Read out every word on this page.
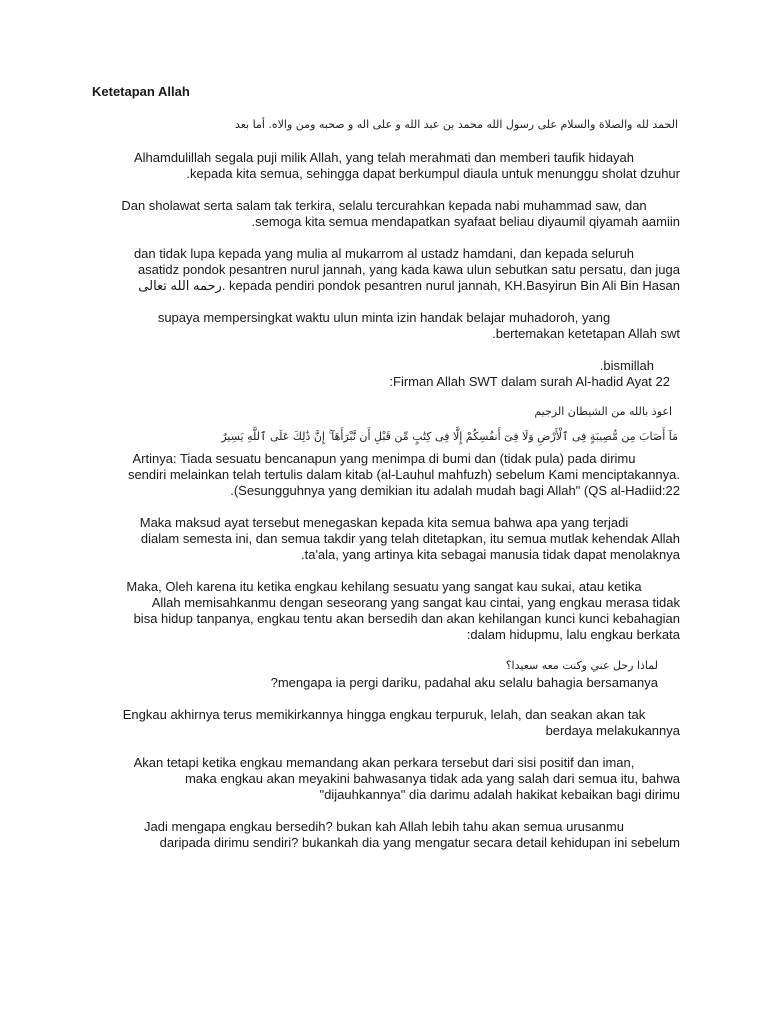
Ketetapan Allah
الحمد لله والصلاة والسلام على رسول الله محمد بن عبد الله و على اله و صحبه ومن والاه. أما بعد
Alhamdulillah segala puji milik Allah, yang telah merahmati dan memberi taufik hidayah
.kepada kita semua, sehingga dapat berkumpul diaula untuk menunggu sholat dzuhur
Dan sholawat serta salam tak terkira, selalu tercurahkan kepada nabi muhammad saw, dan
.semoga kita semua mendapatkan syafaat beliau diyaumil qiyamah aamiin
dan tidak lupa kepada yang mulia al mukarrom al ustadz hamdani, dan kepada seluruh
asatidz pondok pesantren nurul jannah, yang kada kawa ulun sebutkan satu persatu, dan juga
رحمه الله تعالى. kepada pendiri pondok pesantren nurul jannah, KH.Basyirun Bin Ali Bin Hasan
supaya mempersingkat waktu ulun minta izin handak belajar muhadoroh, yang
.bertemakan ketetapan Allah swt
.bismillah
:Firman Allah SWT dalam surah Al-hadid Ayat 22
اعوذ بالله من الشيطان الرجيم
مَآ أَصَابَ مِن مُّصِيبَةٍ فِى ٱلْأَرْضِ وَلَا فِىٓ أَنفُسِكُمْ إِلَّا فِى كِتَٰبٍ مِّن قَبْلِ أَن نَّبْرَأَهَآ ۚ إِنَّ ذَٰلِكَ عَلَى ٱللَّهِ يَسِيرٌ
Artinya: Tiada sesuatu bencanapun yang menimpa di bumi dan (tidak pula) pada dirimu
sendiri melainkan telah tertulis dalam kitab (al-Lauhul mahfuzh) sebelum Kami menciptakannya.
.(Sesungguhnya yang demikian itu adalah mudah bagi Allah" (QS al-Hadiid:22
Maka maksud ayat tersebut menegaskan kepada kita semua bahwa apa yang terjadi
dialam semesta ini, dan semua takdir yang telah ditetapkan, itu semua mutlak kehendak Allah
.ta'ala, yang artinya kita sebagai manusia tidak dapat menolaknya
Maka, Oleh karena itu ketika engkau kehilang sesuatu yang sangat kau sukai, atau ketika
Allah memisahkanmu dengan seseorang yang sangat kau cintai, yang engkau merasa tidak
bisa hidup tanpanya, engkau tentu akan bersedih dan akan kehilangan kunci kunci kebahagian
:dalam hidupmu, lalu engkau berkata
لماذا رحل عني وكنت معه سعيدا؟
?mengapa ia pergi dariku, padahal aku selalu bahagia bersamanya
Engkau akhirnya terus memikirkannya hingga engkau terpuruk, lelah, dan seakan akan tak
berdaya melakukannya
Akan tetapi ketika engkau memandang akan perkara tersebut dari sisi positif dan iman,
maka engkau akan meyakini bahwasanya tidak ada yang salah dari semua itu, bahwa
"dijauhkannya" dia darimu adalah hakikat kebaikan bagi dirimu
Jadi mengapa engkau bersedih? bukan kah Allah lebih tahu akan semua urusanmu
daripada dirimu sendiri? bukankah dia yang mengatur secara detail kehidupan ini sebelum
